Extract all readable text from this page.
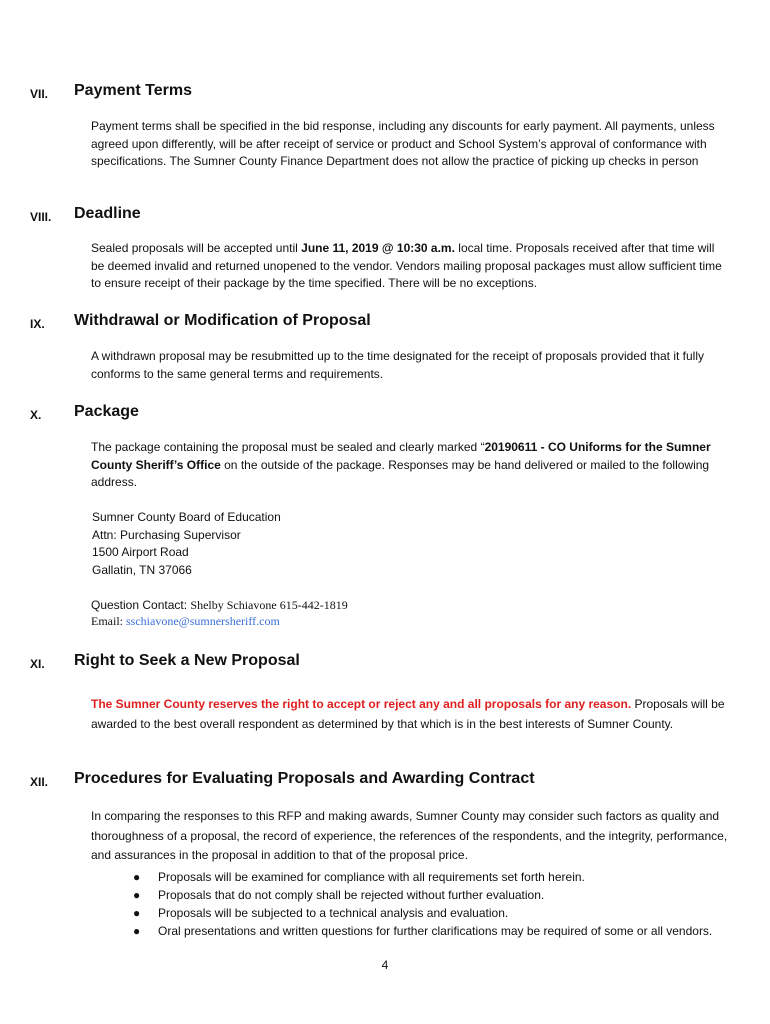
VII.	Payment Terms

Payment terms shall be specified in the bid response, including any discounts for early payment. All payments, unless agreed upon differently, will be after receipt of service or product and School System’s approval of conformance with specifications. The Sumner County Finance Department does not allow the practice of picking up checks in person

VIII.	Deadline

Sealed proposals will be accepted until June 11, 2019 @ 10:30 a.m. local time. Proposals received after that time will be deemed invalid and returned unopened to the vendor. Vendors mailing proposal packages must allow sufficient time to ensure receipt of their package by the time specified. There will be no exceptions.

IX.	Withdrawal or Modification of Proposal

A withdrawn proposal may be resubmitted up to the time designated for the receipt of proposals provided that it fully conforms to the same general terms and requirements.

X.	Package

The package containing the proposal must be sealed and clearly marked “20190611 - CO Uniforms for the Sumner County Sheriff’s Office on the outside of the package. Responses may be hand delivered or mailed to the following address.

Sumner County Board of Education
Attn: Purchasing Supervisor
1500 Airport Road
Gallatin, TN 37066
Question Contact: Shelby Schiavone 615-442-1819
Email: sschiavone@sumnersheriff.com
XI.	Right to Seek a New Proposal

The Sumner County reserves the right to accept or reject any and all proposals for any reason. Proposals will be awarded to the best overall respondent as determined by that which is in the best interests of Sumner County.

XII.	Procedures for Evaluating Proposals and Awarding Contract

In comparing the responses to this RFP and making awards, Sumner County may consider such factors as quality and thoroughness of a proposal, the record of experience, the references of the respondents, and the integrity, performance, and assurances in the proposal in addition to that of the proposal price.

● Proposals will be examined for compliance with all requirements set forth herein.
● Proposals that do not comply shall be rejected without further evaluation.
● Proposals will be subjected to a technical analysis and evaluation.
● Oral presentations and written questions for further clarifications may be required of some or all vendors.
4
